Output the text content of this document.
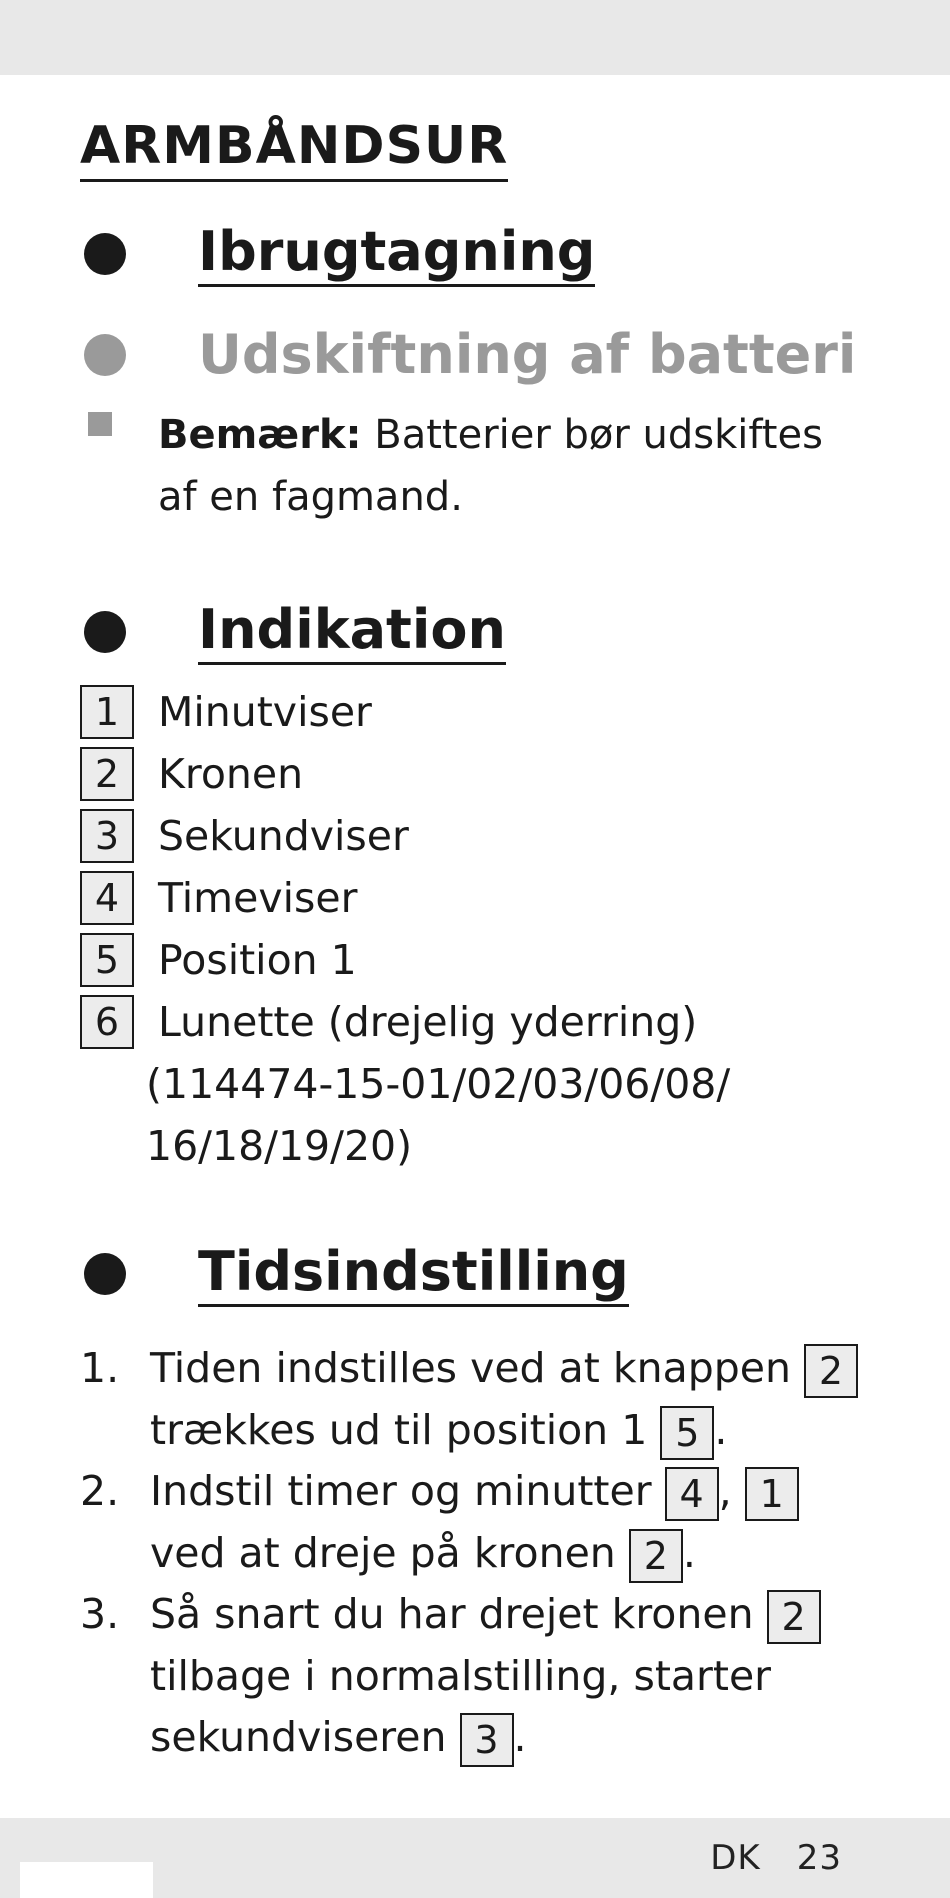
ARMBÅNDSUR
Ibrugtagning
Udskiftning af batteri

Bemærk: Batterier bør udskiftes af en fagmand.

Indikation
1 Minutviser
2 Kronen
3 Sekundviser
4 Timeviser
5 Position 1
6 Lunette (drejelig yderring)
(114474-15-01/02/03/06/08/
16/18/19/20)
Tidsindstilling
1. Tiden indstilles ved at knappen 2 trækkes ud til position 1 5 .
2. Indstil timer og minutter 4 , 1 ved at dreje på kronen 2 .
3. Så snart du har drejet kronen 2 tilbage i normalstilling, starter sekundviseren 3 .
DK 23
